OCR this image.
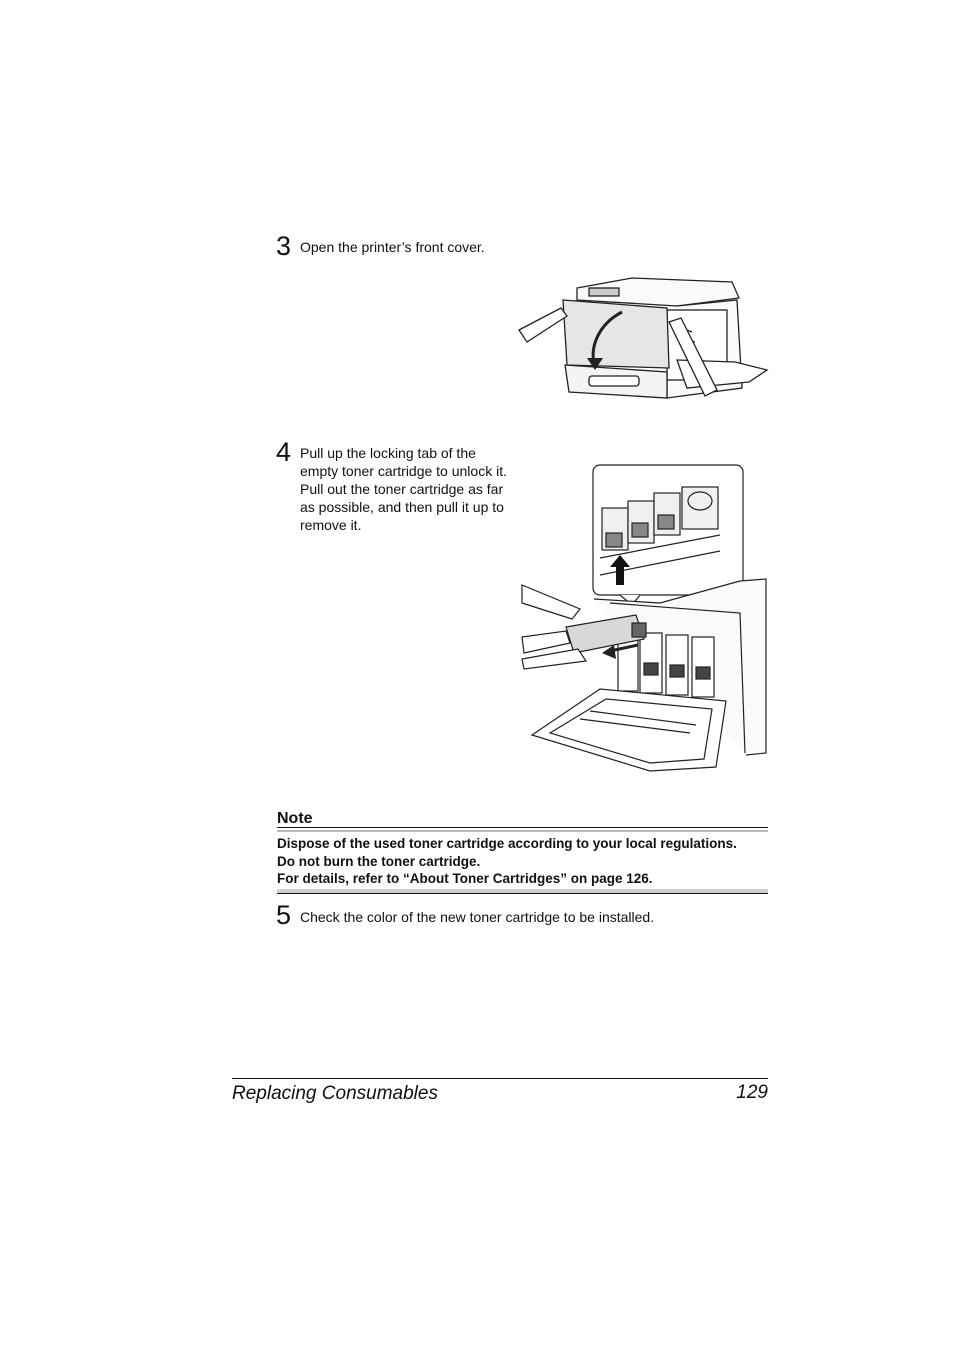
3 Open the printer’s front cover.
4 Pull up the locking tab of the empty toner cartridge to unlock it. Pull out the toner cartridge as far as possible, and then pull it up to remove it.
Note

Dispose of the used toner cartridge according to your local regulations.

Do not burn the toner cartridge.

For details, refer to “About Toner Cartridges” on page 126.

5 Check the color of the new toner cartridge to be installed.
Replacing Consumables	129
